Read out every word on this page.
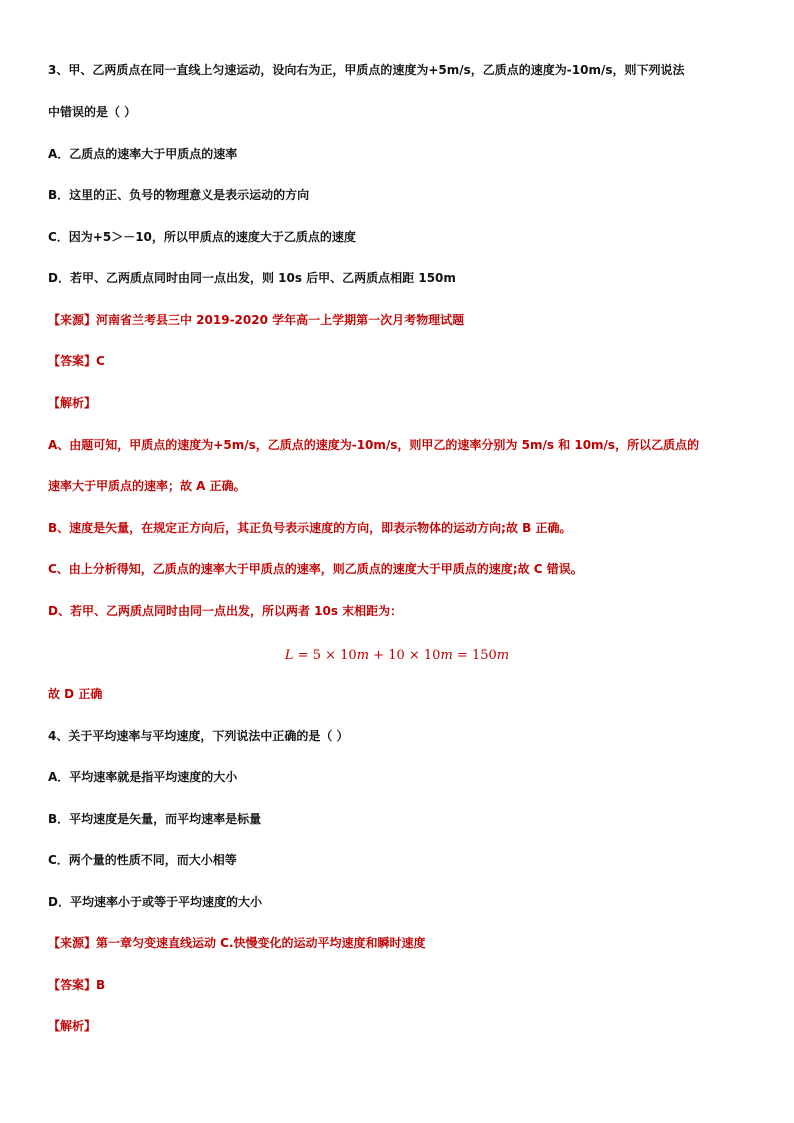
3、甲、乙两质点在同一直线上匀速运动，设向右为正，甲质点的速度为+5m/s，乙质点的速度为-10m/s，则下列说法
中错误的是（ ）
A．乙质点的速率大于甲质点的速率
B．这里的正、负号的物理意义是表示运动的方向
C．因为+5＞－10，所以甲质点的速度大于乙质点的速度
D．若甲、乙两质点同时由同一点出发，则 10s 后甲、乙两质点相距 150m
【来源】河南省兰考县三中 2019-2020 学年高一上学期第一次月考物理试题
【答案】C
【解析】
A、由题可知，甲质点的速度为+5m/s，乙质点的速度为-10m/s，则甲乙的速率分别为 5m/s 和 10m/s，所以乙质点的
速率大于甲质点的速率；故 A 正确。
B、速度是矢量，在规定正方向后，其正负号表示速度的方向，即表示物体的运动方向;故 B 正确。
C、由上分析得知，乙质点的速率大于甲质点的速率，则乙质点的速度大于甲质点的速度;故 C 错误。
D、若甲、乙两质点同时由同一点出发，所以两者 10s 末相距为：
L = 5 × 10m + 10 × 10m = 150m
故 D 正确
4、关于平均速率与平均速度，下列说法中正确的是（ ）
A．平均速率就是指平均速度的大小
B．平均速度是矢量，而平均速率是标量
C．两个量的性质不同，而大小相等
D．平均速率小于或等于平均速度的大小
【来源】第一章匀变速直线运动 C.快慢变化的运动平均速度和瞬时速度
【答案】B
【解析】
